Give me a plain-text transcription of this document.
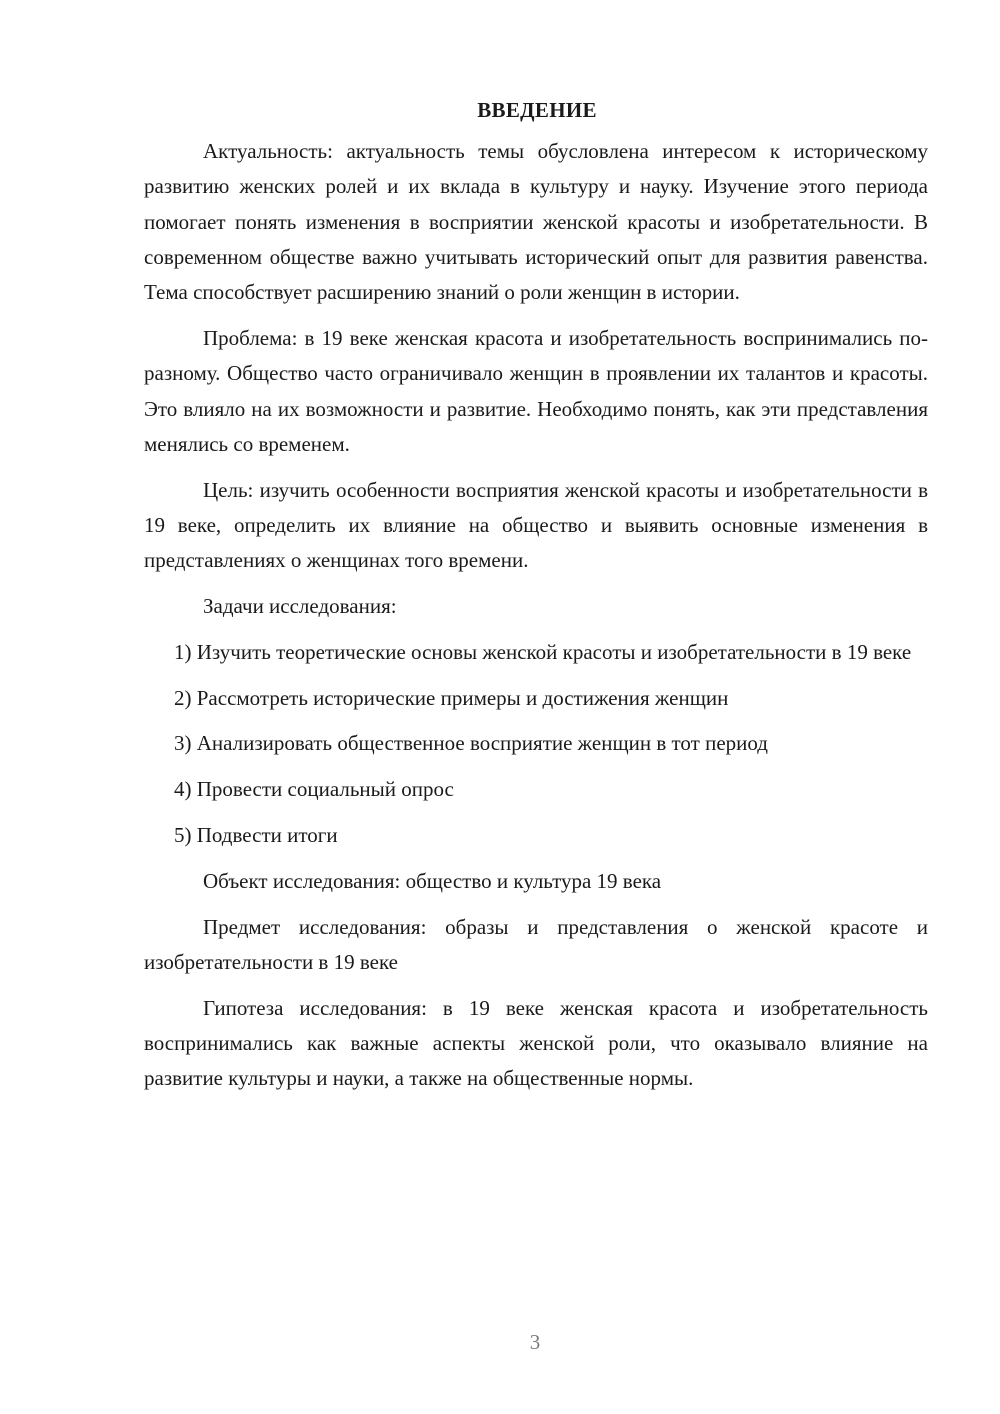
ВВЕДЕНИЕ

Актуальность: актуальность темы обусловлена интересом к историческому развитию женских ролей и их вклада в культуру и науку. Изучение этого периода помогает понять изменения в восприятии женской красоты и изобретательности. В современном обществе важно учитывать исторический опыт для развития равенства. Тема способствует расширению знаний о роли женщин в истории.

Проблема: в 19 веке женская красота и изобретательность воспринимались по-разному. Общество часто ограничивало женщин в проявлении их талантов и красоты. Это влияло на их возможности и развитие. Необходимо понять, как эти представления менялись со временем.

Цель: изучить особенности восприятия женской красоты и изобретательности в 19 веке, определить их влияние на общество и выявить основные изменения в представлениях о женщинах того времени.

Задачи исследования:

1) Изучить теоретические основы женской красоты и изобретательности в 19 веке

2) Рассмотреть исторические примеры и достижения женщин

3) Анализировать общественное восприятие женщин в тот период

4) Провести социальный опрос

5) Подвести итоги

Объект исследования: общество и культура 19 века

Предмет исследования: образы и представления о женской красоте и изобретательности в 19 веке

Гипотеза исследования: в 19 веке женская красота и изобретательность воспринимались как важные аспекты женской роли, что оказывало влияние на развитие культуры и науки, а также на общественные нормы.

3
